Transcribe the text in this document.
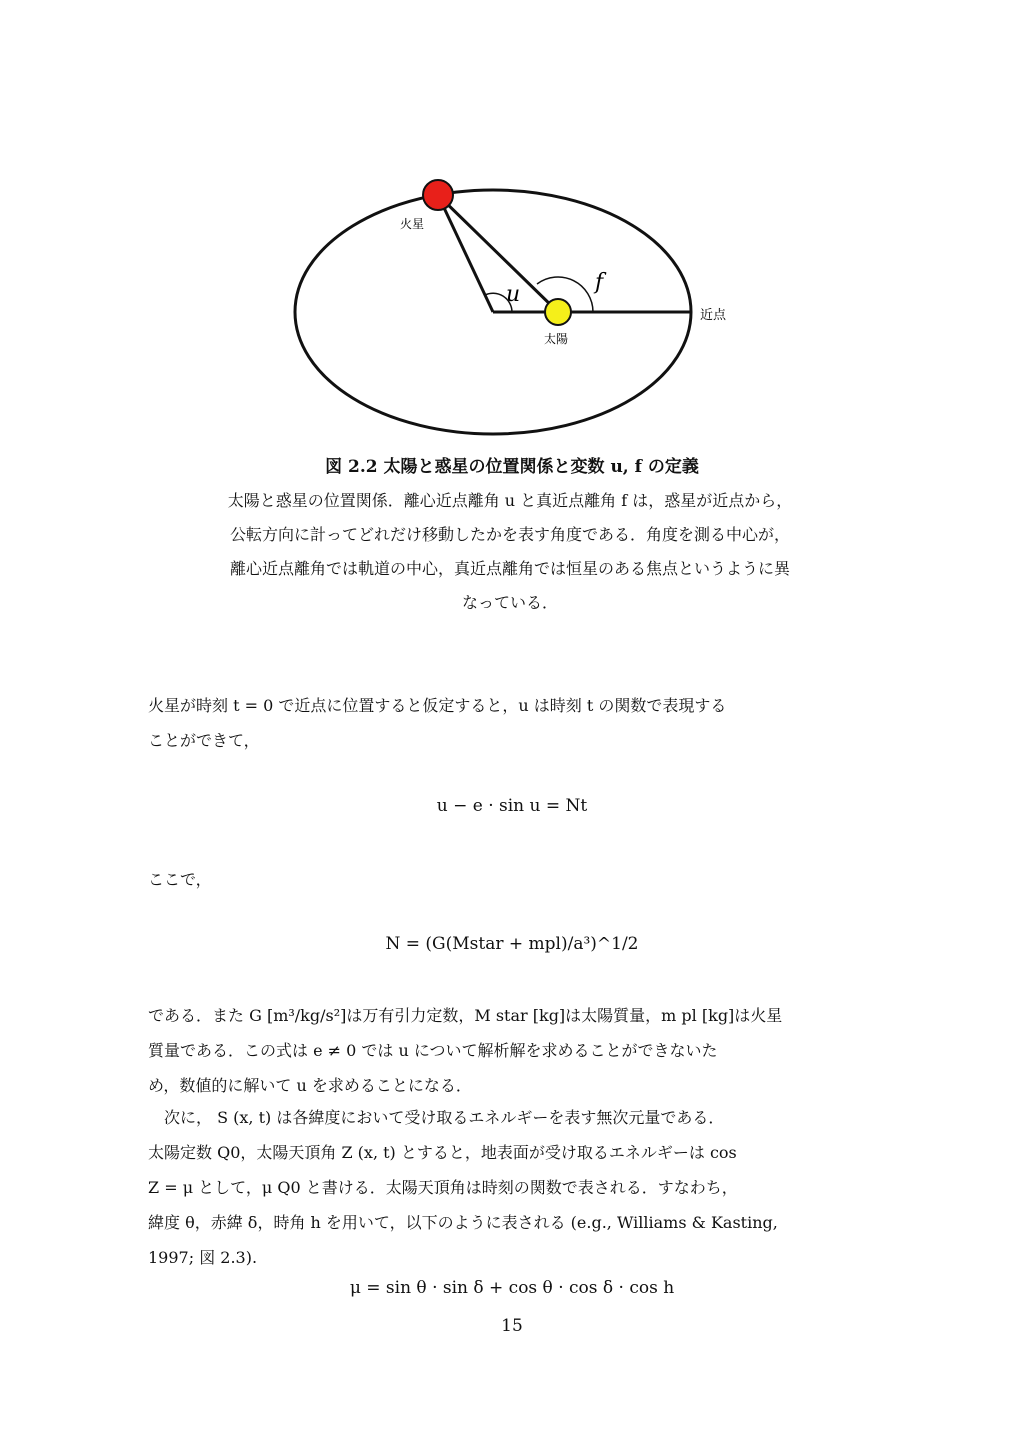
火星
太陽
近点
u	f
図 2.2 太陽と惑星の位置関係と変数 u, f の定義
太陽と惑星の位置関係．離心近点離角 u と真近点離角 f は，惑星が近点から，
公転方向に計ってどれだけ移動したかを表す角度である．角度を測る中心が，
離心近点離角では軌道の中心，真近点離角では恒星のある焦点というように異
なっている．
火星が時刻 t = 0 で近点に位置すると仮定すると，u は時刻 t の関数で表現する
ことができて，
u − e · sin u = Nt
ここで，
N = (G(Mstar + mpl)/a³)^1/2
である．また G [m³/kg/s²]は万有引力定数，M star [kg]は太陽質量，m pl [kg]は火星
質量である．この式は e ≠ 0 では u について解析解を求めることができないた
め，数値的に解いて u を求めることになる．
次に， S (x, t) は各緯度において受け取るエネルギーを表す無次元量である．
太陽定数 Q0，太陽天頂角 Z (x, t) とすると，地表面が受け取るエネルギーは cos
Z = μ として，μ Q0 と書ける．太陽天頂角は時刻の関数で表される．すなわち，
緯度 θ，赤緯 δ，時角 h を用いて，以下のように表される (e.g., Williams & Kasting,
1997; 図 2.3).
μ = sin θ · sin δ + cos θ · cos δ · cos h
15
